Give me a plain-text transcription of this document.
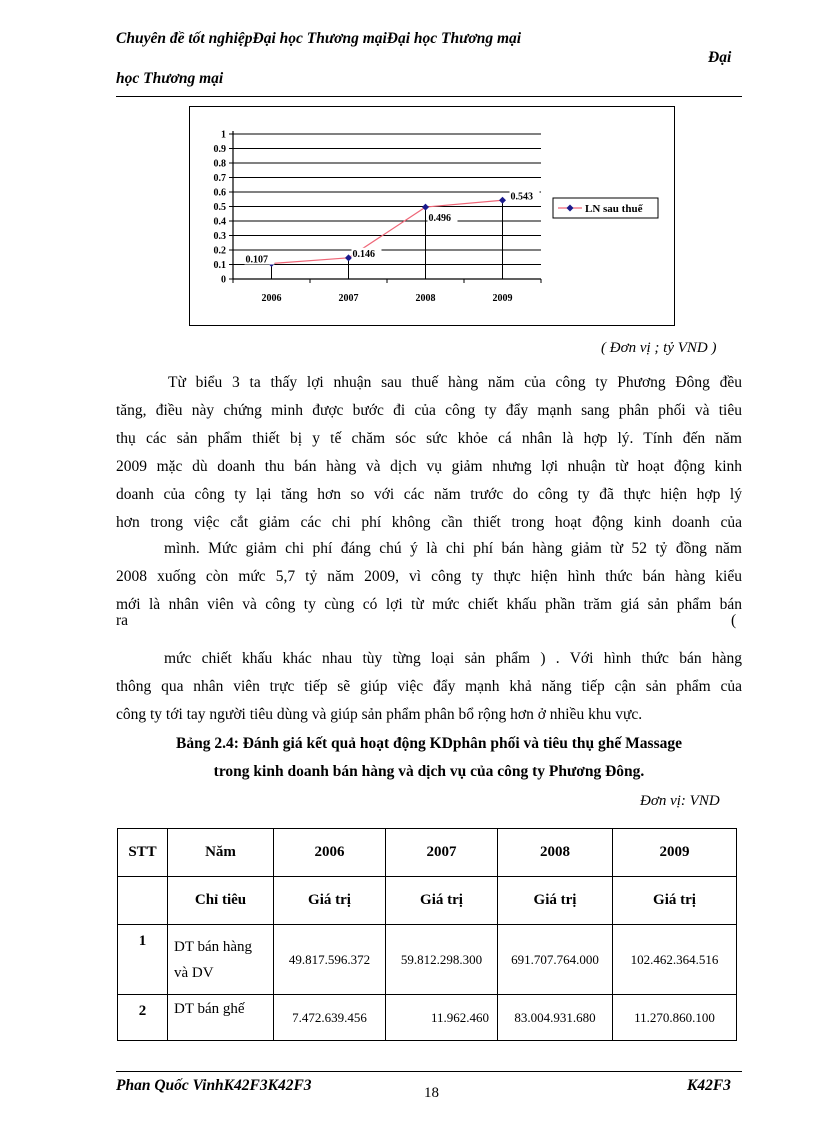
Chuyên đề tốt nghiệpĐại học Thương mạiĐại học Thương mại
Đại
học Thương mại
0
0.1
0.2
0.3
0.4
0.5
0.6
0.7
0.8
0.9
1
2006	2007	2008	2009
0.107
0.146
0.496
0.543
LN sau thuế
( Đơn vị ; tỷ VND )
Từ biểu 3 ta thấy lợi nhuận sau thuế hàng năm của công ty Phương Đông đều
tăng, điều này chứng minh được bước đi của công ty đẩy mạnh sang phân phối và tiêu
thụ các sản phẩm thiết bị y tế chăm sóc sức khỏe cá nhân là hợp lý. Tính đến năm
2009 mặc dù doanh thu bán hàng và dịch vụ giảm nhưng lợi nhuận từ hoạt động kinh
doanh của công ty lại tăng hơn so với các năm trước do công ty đã thực hiện hợp lý
hơn trong việc cắt giảm các chi phí không cần thiết trong hoạt động kinh doanh của
mình. Mức giảm chi phí đáng chú ý là chi phí bán hàng giảm từ 52 tỷ đồng năm
2008 xuống còn mức 5,7 tỷ năm 2009, vì công ty thực hiện hình thức bán hàng kiểu
mới là nhân viên và công ty cùng có lợi từ mức chiết khấu phần trăm giá sản phẩm bán
ra	(
mức chiết khấu khác nhau tùy từng loại sản phẩm ) . Với hình thức bán hàng
thông qua nhân viên trực tiếp sẽ giúp việc đẩy mạnh khả năng tiếp cận sản phẩm của
công ty tới tay người tiêu dùng và giúp sản phẩm phân bổ rộng hơn ở nhiều khu vực.
Bảng 2.4: Đánh giá kết quả hoạt động KDphân phối và tiêu thụ ghế Massage
trong kinh doanh bán hàng và dịch vụ của công ty Phương Đông.
Đơn vị: VND
STT	Năm	2006	2007	2008	2009
	Chỉ tiêu	Giá trị	Giá trị	Giá trị	Giá trị
1	DT bán hàng và DV	49.817.596.372	59.812.298.300	691.707.764.000	102.462.364.516
2	DT bán ghế	7.472.639.456	11.962.460	83.004.931.680	11.270.860.100
Phan Quốc VinhK42F3K42F3	18	K42F3
